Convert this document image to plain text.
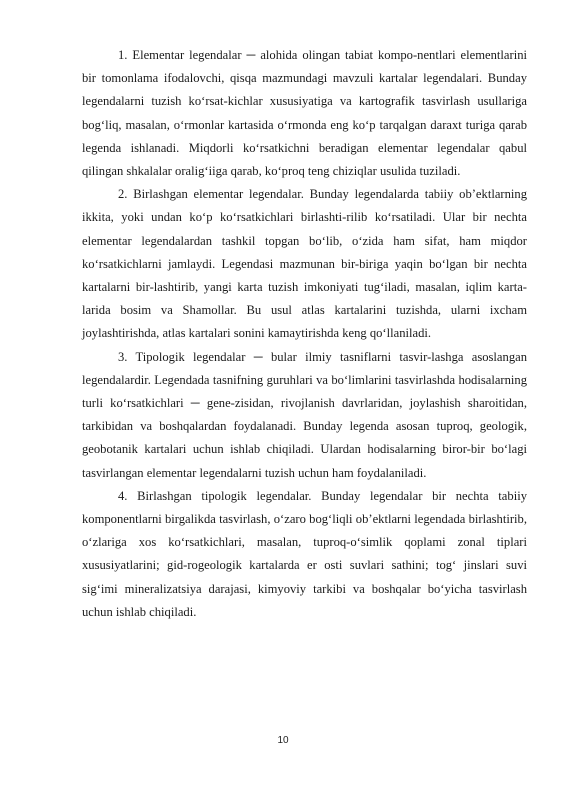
1. Elementar legendalar ─ alohida olingan tabiat kompo-nentlari elementlarini bir tomonlama ifodalovchi, qisqa mazmundagi mavzuli kartalar legendalari. Bunday legendalarni tuzish koʻrsat-kichlar xususiyatiga va kartografik tasvirlash usullariga bogʻliq, masalan, oʻrmonlar kartasida oʻrmonda eng koʻp tarqalgan daraxt turiga qarab legenda ishlanadi. Miqdorli koʻrsatkichni beradigan elementar legendalar qabul qilingan shkalalar oraligʻiiga qarab, koʻproq teng chiziqlar usulida tuziladi.

2. Birlashgan elementar legendalar. Bunday legendalarda tabiiy obʼektlarning ikkita, yoki undan koʻp koʻrsatkichlari birlashti-rilib koʻrsatiladi. Ular bir nechta elementar legendalardan tashkil topgan boʻlib, oʻzida ham sifat, ham miqdor koʻrsatkichlarni jamlaydi. Legendasi mazmunan bir-biriga yaqin boʻlgan bir nechta kartalarni bir-lashtirib, yangi karta tuzish imkoniyati tugʻiladi, masalan, iqlim karta-larida bosim va Shamollar. Bu usul atlas kartalarini tuzishda, ularni ixcham joylashtirishda, atlas kartalari sonini kamaytirishda keng qoʻllaniladi.

3. Tipologik legendalar ─ bular ilmiy tasniflarni tasvir-lashga asoslangan legendalardir. Legendada tasnifning guruhlari va boʻlimlarini tasvirlashda hodisalarning turli koʻrsatkichlari ─ gene-zisidan, rivojlanish davrlaridan, joylashish sharoitidan, tarkibidan va boshqalardan foydalanadi. Bunday legenda asosan tuproq, geologik, geobotanik kartalari uchun ishlab chiqiladi. Ulardan hodisalarning biror-bir boʻlagi tasvirlangan elementar legendalarni tuzish uchun ham foydalaniladi.

4. Birlashgan tipologik legendalar. Bunday legendalar bir nechta tabiiy komponentlarni birgalikda tasvirlash, oʻzaro bogʻliqli obʼektlarni legendada birlashtirib, oʻzlariga xos koʻrsatkichlari, masalan, tuproq-oʻsimlik qoplami zonal tiplari xususiyatlarini; gid-rogeologik kartalarda er osti suvlari sathini; togʻ jinslari suvi sigʻimi mineralizatsiya darajasi, kimyoviy tarkibi va boshqalar boʻyicha tasvirlash uchun ishlab chiqiladi.

10
